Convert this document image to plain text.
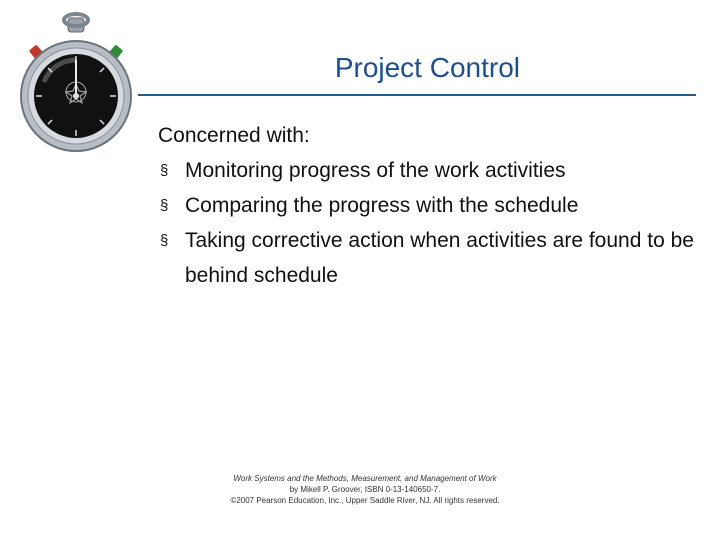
Project Control

Concerned with:

§ Monitoring progress of the work activities
§ Comparing the progress with the schedule
§ Taking corrective action when activities are found to be behind schedule
Work Systems and the Methods, Measurement, and Management of Work
by Mikell P. Groover, ISBN 0-13-140650-7.
©2007 Pearson Education, Inc., Upper Saddle River, NJ. All rights reserved.
